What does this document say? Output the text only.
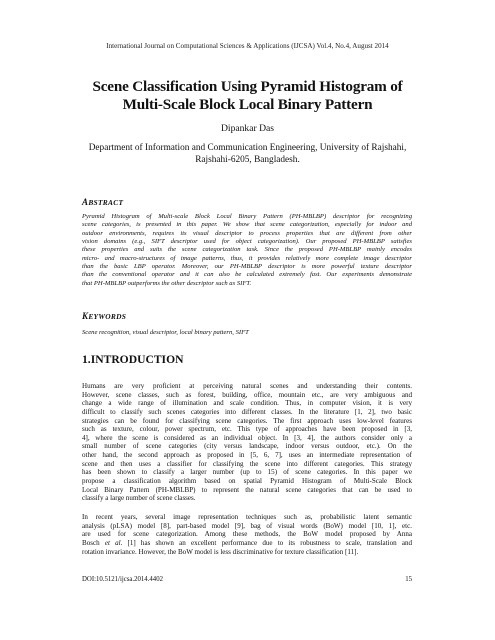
International Journal on Computational Sciences & Applications (IJCSA) Vol.4, No.4, August 2014
Scene Classification Using Pyramid Histogram of
Multi-Scale Block Local Binary Pattern
Dipankar Das
Department of Information and Communication Engineering, University of Rajshahi,
Rajshahi-6205, Bangladesh.
ABSTRACT
Pyramid Histogram of Multi-scale Block Local Binary Pattern (PH-MBLBP) descriptor for recognizing
scene categories, is presented in this paper. We show that scene categorization, especially for indoor and
outdoor environments, requires its visual descriptor to process properties that are different from other
vision domains (e.g., SIFT descriptor used for object categorization). Our proposed PH-MBLBP satisfies
these properties and suits the scene categorization task. Since the proposed PH-MBLBP mainly encodes
micro- and macro-structures of image patterns, thus, it provides relatively more complete image descriptor
than the basic LBP operator. Moreover, our PH-MBLBP descriptor is more powerful texture descriptor
than the conventional operator and it can also be calculated extremely fast. Our experiments demonstrate
that PH-MBLBP outperforms the other descriptor such as SIFT.
KEYWORDS
Scene recognition, visual descriptor, local binary pattern, SIFT
1.INTRODUCTION
Humans are very proficient at perceiving natural scenes and understanding their contents.
However, scene classes, such as forest, building, office, mountain etc., are very ambiguous and
change a wide range of illumination and scale condition. Thus, in computer vision, it is very
difficult to classify such scenes categories into different classes. In the literature [1, 2], two basic
strategies can be found for classifying scene categories. The first approach uses low-level features
such as texture, colour, power spectrum, etc. This type of approaches have been proposed in [3,
4], where the scene is considered as an individual object. In [3, 4], the authors consider only a
small number of scene categories (city versus landscape, indoor versus outdoor, etc.). On the
other hand, the second approach as proposed in [5, 6, 7], uses an intermediate representation of
scene and then uses a classifier for classifying the scene into different categories. This strategy
has been shown to classify a larger number (up to 15) of scene categories. In this paper we
propose a classification algorithm based on spatial Pyramid Histogram of Multi-Scale Block
Local Binary Pattern (PH-MBLBP) to represent the natural scene categories that can be used to
classify a large number of scene classes.
In recent years, several image representation techniques such as, probabilistic latent semantic
analysis (pLSA) model [8], part-based model [9], bag of visual words (BoW) model [10, 1], etc.
are used for scene categorization. Among these methods, the BoW model proposed by Anna
Bosch et al. [1] has shown an excellent performance due to its robustness to scale, translation and
rotation invariance. However, the BoW model is less discriminative for texture classification [11].
DOI:10.5121/ijcsa.2014.4402	15
